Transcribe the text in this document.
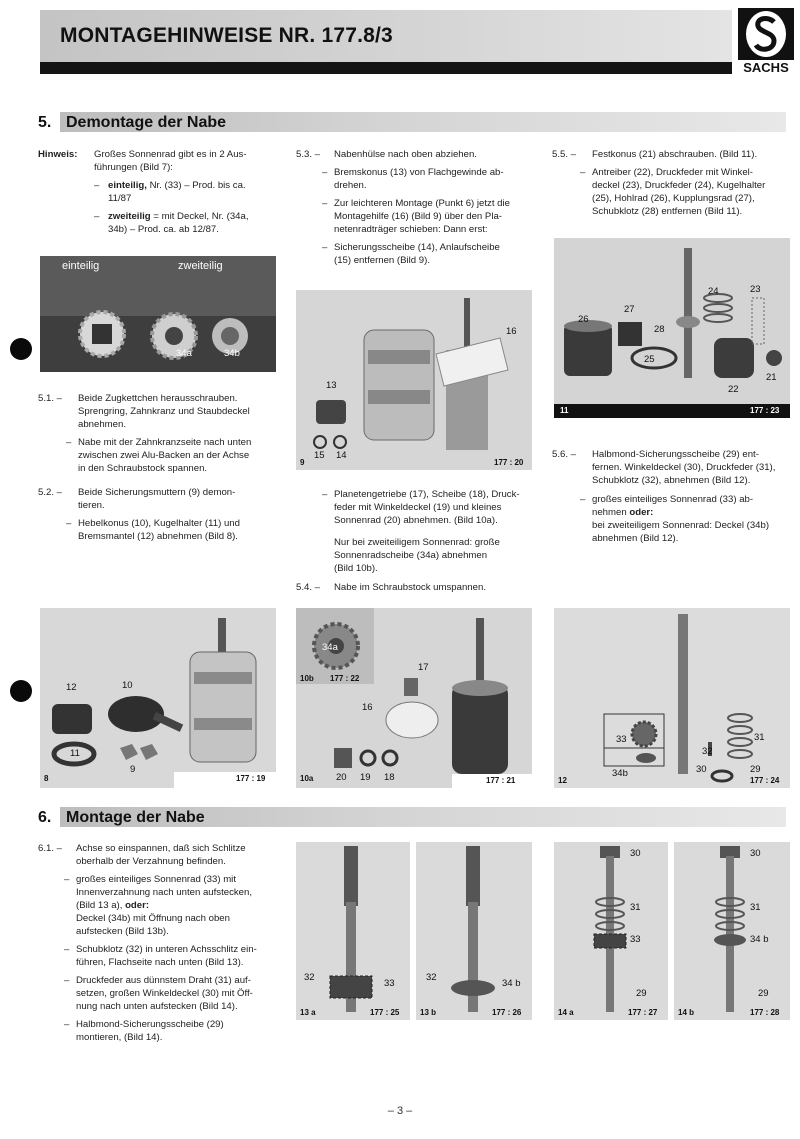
MONTAGEHINWEISE NR. 177.8/3
SACHS
5. Demontage der Nabe
Hinweis: Großes Sonnenrad gibt es in 2 Aus-
führungen (Bild 7):
– einteilig, Nr. (33) – Prod. bis ca.
11/87
– zweiteilig = mit Deckel, Nr. (34a,
34b) – Prod. ca. ab 12/87.
einteilig	zweiteilig
34a	34b
5.1. – Beide Zugkettchen herausschrauben.
Sprengring, Zahnkranz und Staubdeckel
abnehmen.
– Nabe mit der Zahnkranzseite nach unten
zwischen zwei Alu-Backen an der Achse
in den Schraubstock spannen.
5.2. – Beide Sicherungsmuttern (9) demon-
tieren.
– Hebelkonus (10), Kugelhalter (11) und
Bremsmantel (12) abnehmen (Bild 8).
5.3. – Nabenhülse nach oben abziehen.
– Bremskonus (13) von Flachgewinde ab-
drehen.
– Zur leichteren Montage (Punkt 6) jetzt die
Montagehilfe (16) (Bild 9) über den Pla-
netenradträger schieben: Dann erst:
– Sicherungsscheibe (14), Anlaufscheibe
(15) entfernen (Bild 9).
13
15 14
16
9	177 : 20
– Planetengetriebe (17), Scheibe (18), Druck-
feder mit Winkeldeckel (19) und kleines
Sonnenrad (20) abnehmen. (Bild 10a).
Nur bei zweiteiligem Sonnenrad: große
Sonnenradscheibe (34a) abnehmen
(Bild 10b).
5.4. – Nabe im Schraubstock umspannen.
5.5. – Festkonus (21) abschrauben. (Bild 11).
– Antreiber (22), Druckfeder mit Winkel-
deckel (23), Druckfeder (24), Kugelhalter
(25), Hohlrad (26), Kupplungsrad (27),
Schubklotz (28) entfernen (Bild 11).
23
24
26
27
28
25
22
21
11	177 : 23
5.6. – Halbmond-Sicherungsscheibe (29) ent-
fernen. Winkeldeckel (30), Druckfeder (31),
Schubklotz (32), abnehmen (Bild 12).
– großes einteiliges Sonnenrad (33) ab-
nehmen oder:
bei zweiteiligem Sonnenrad: Deckel (34b)
abnehmen (Bild 12).
12	10
11
9
8	177 : 19
34a
10b 177 : 22
17
16
20 19 18
10a	177 : 21
33
34b
32
30
31
29
12	177 : 24
6. Montage der Nabe
6.1. – Achse so einspannen, daß sich Schlitze
oberhalb der Verzahnung befinden.
– großes einteiliges Sonnenrad (33) mit
Innenverzahnung nach unten aufstecken,
(Bild 13 a), oder:
Deckel (34b) mit Öffnung nach oben
aufstecken (Bild 13b).
– Schubklotz (32) in unteren Achsschlitz ein-
führen, Flachseite nach unten (Bild 13).
– Druckfeder aus dünnstem Draht (31) auf-
setzen, großen Winkeldeckel (30) mit Öff-
nung nach unten aufstecken (Bild 14).
– Halbmond-Sicherungsscheibe (29)
montieren, (Bild 14).
32
33
13 a	177 : 25
32
34 b
13 b	177 : 26
30
31
33
29
14 a	177 : 27
30
31
34 b
29
14 b	177 : 28
– 3 –
